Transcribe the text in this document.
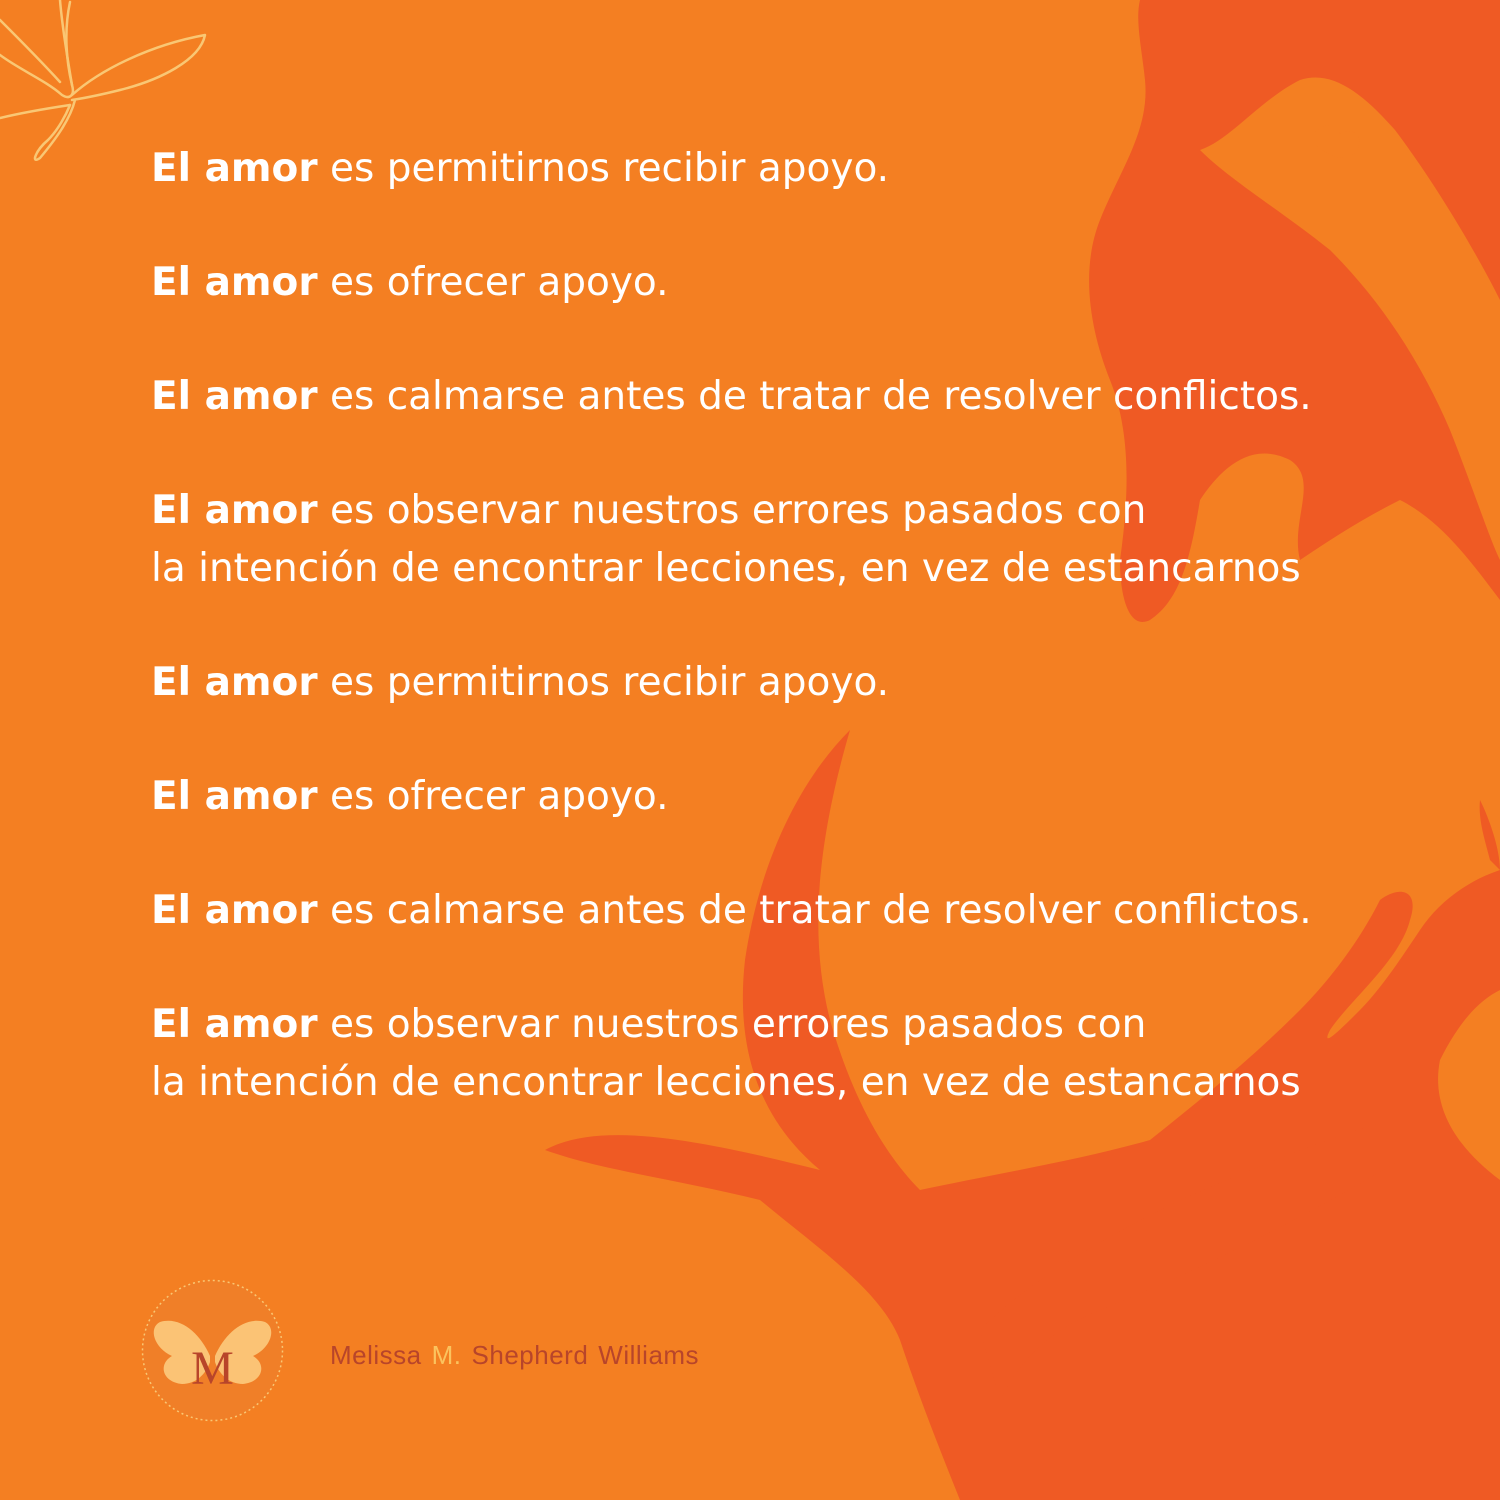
El amor es permitirnos recibir apoyo.

El amor es ofrecer apoyo.

El amor es calmarse antes de tratar de resolver conflictos.

El amor es observar nuestros errores pasados con
la intención de encontrar lecciones, en vez de estancarnos

El amor es permitirnos recibir apoyo.

El amor es ofrecer apoyo.

El amor es calmarse antes de tratar de resolver conflictos.

El amor es observar nuestros errores pasados con
la intención de encontrar lecciones, en vez de estancarnos

M	Melissa M. Shepherd Williams
